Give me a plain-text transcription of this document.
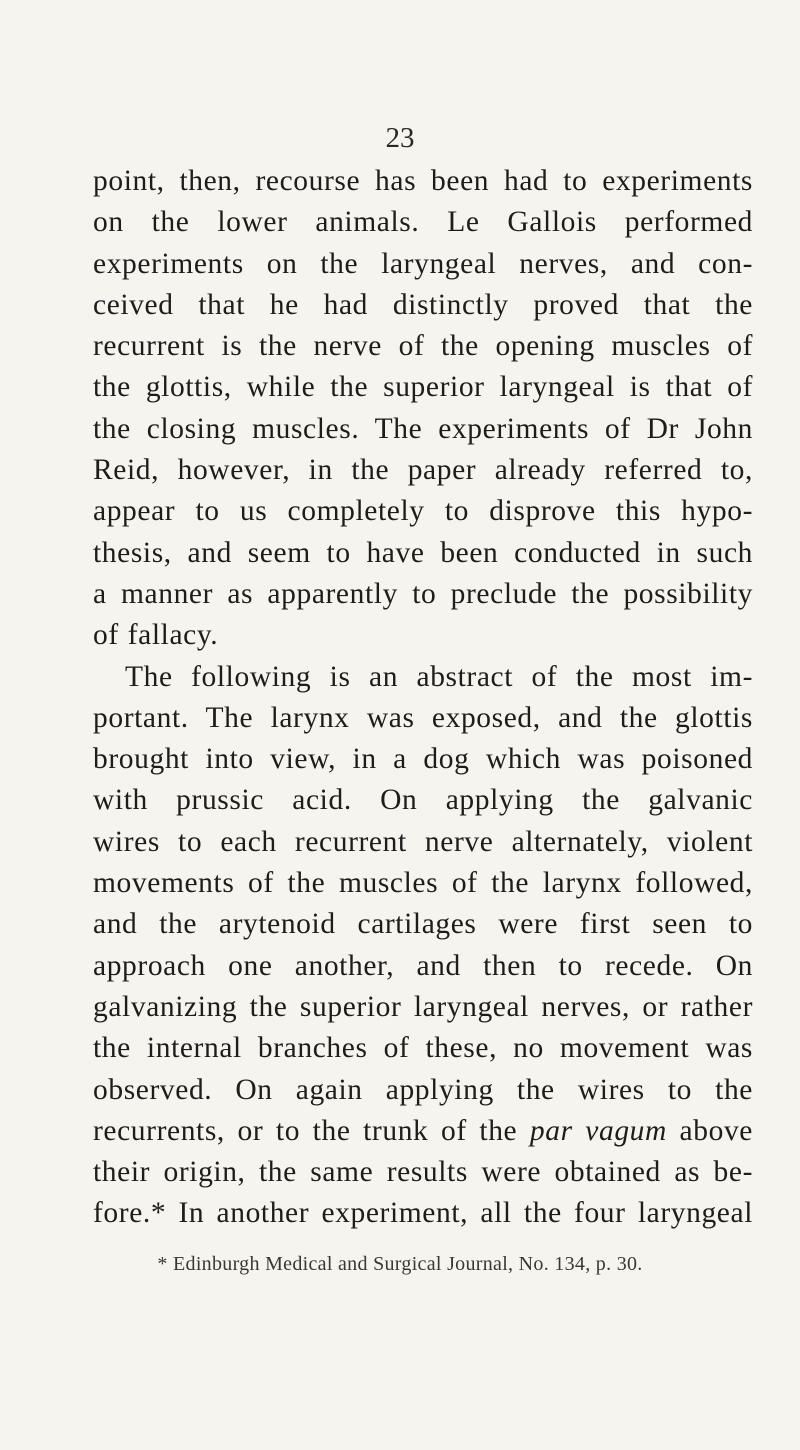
23
point, then, recourse has been had to experiments
on the lower animals. Le Gallois performed
experiments on the laryngeal nerves, and con-
ceived that he had distinctly proved that the
recurrent is the nerve of the opening muscles of
the glottis, while the superior laryngeal is that of
the closing muscles. The experiments of Dr John
Reid, however, in the paper already referred to,
appear to us completely to disprove this hypo-
thesis, and seem to have been conducted in such
a manner as apparently to preclude the possibility
of fallacy.
The following is an abstract of the most im-
portant. The larynx was exposed, and the glottis
brought into view, in a dog which was poisoned
with prussic acid. On applying the galvanic
wires to each recurrent nerve alternately, violent
movements of the muscles of the larynx followed,
and the arytenoid cartilages were first seen to
approach one another, and then to recede. On
galvanizing the superior laryngeal nerves, or rather
the internal branches of these, no movement was
observed. On again applying the wires to the
recurrents, or to the trunk of the par vagum above
their origin, the same results were obtained as be-
fore.* In another experiment, all the four laryngeal
* Edinburgh Medical and Surgical Journal, No. 134, p. 30.
